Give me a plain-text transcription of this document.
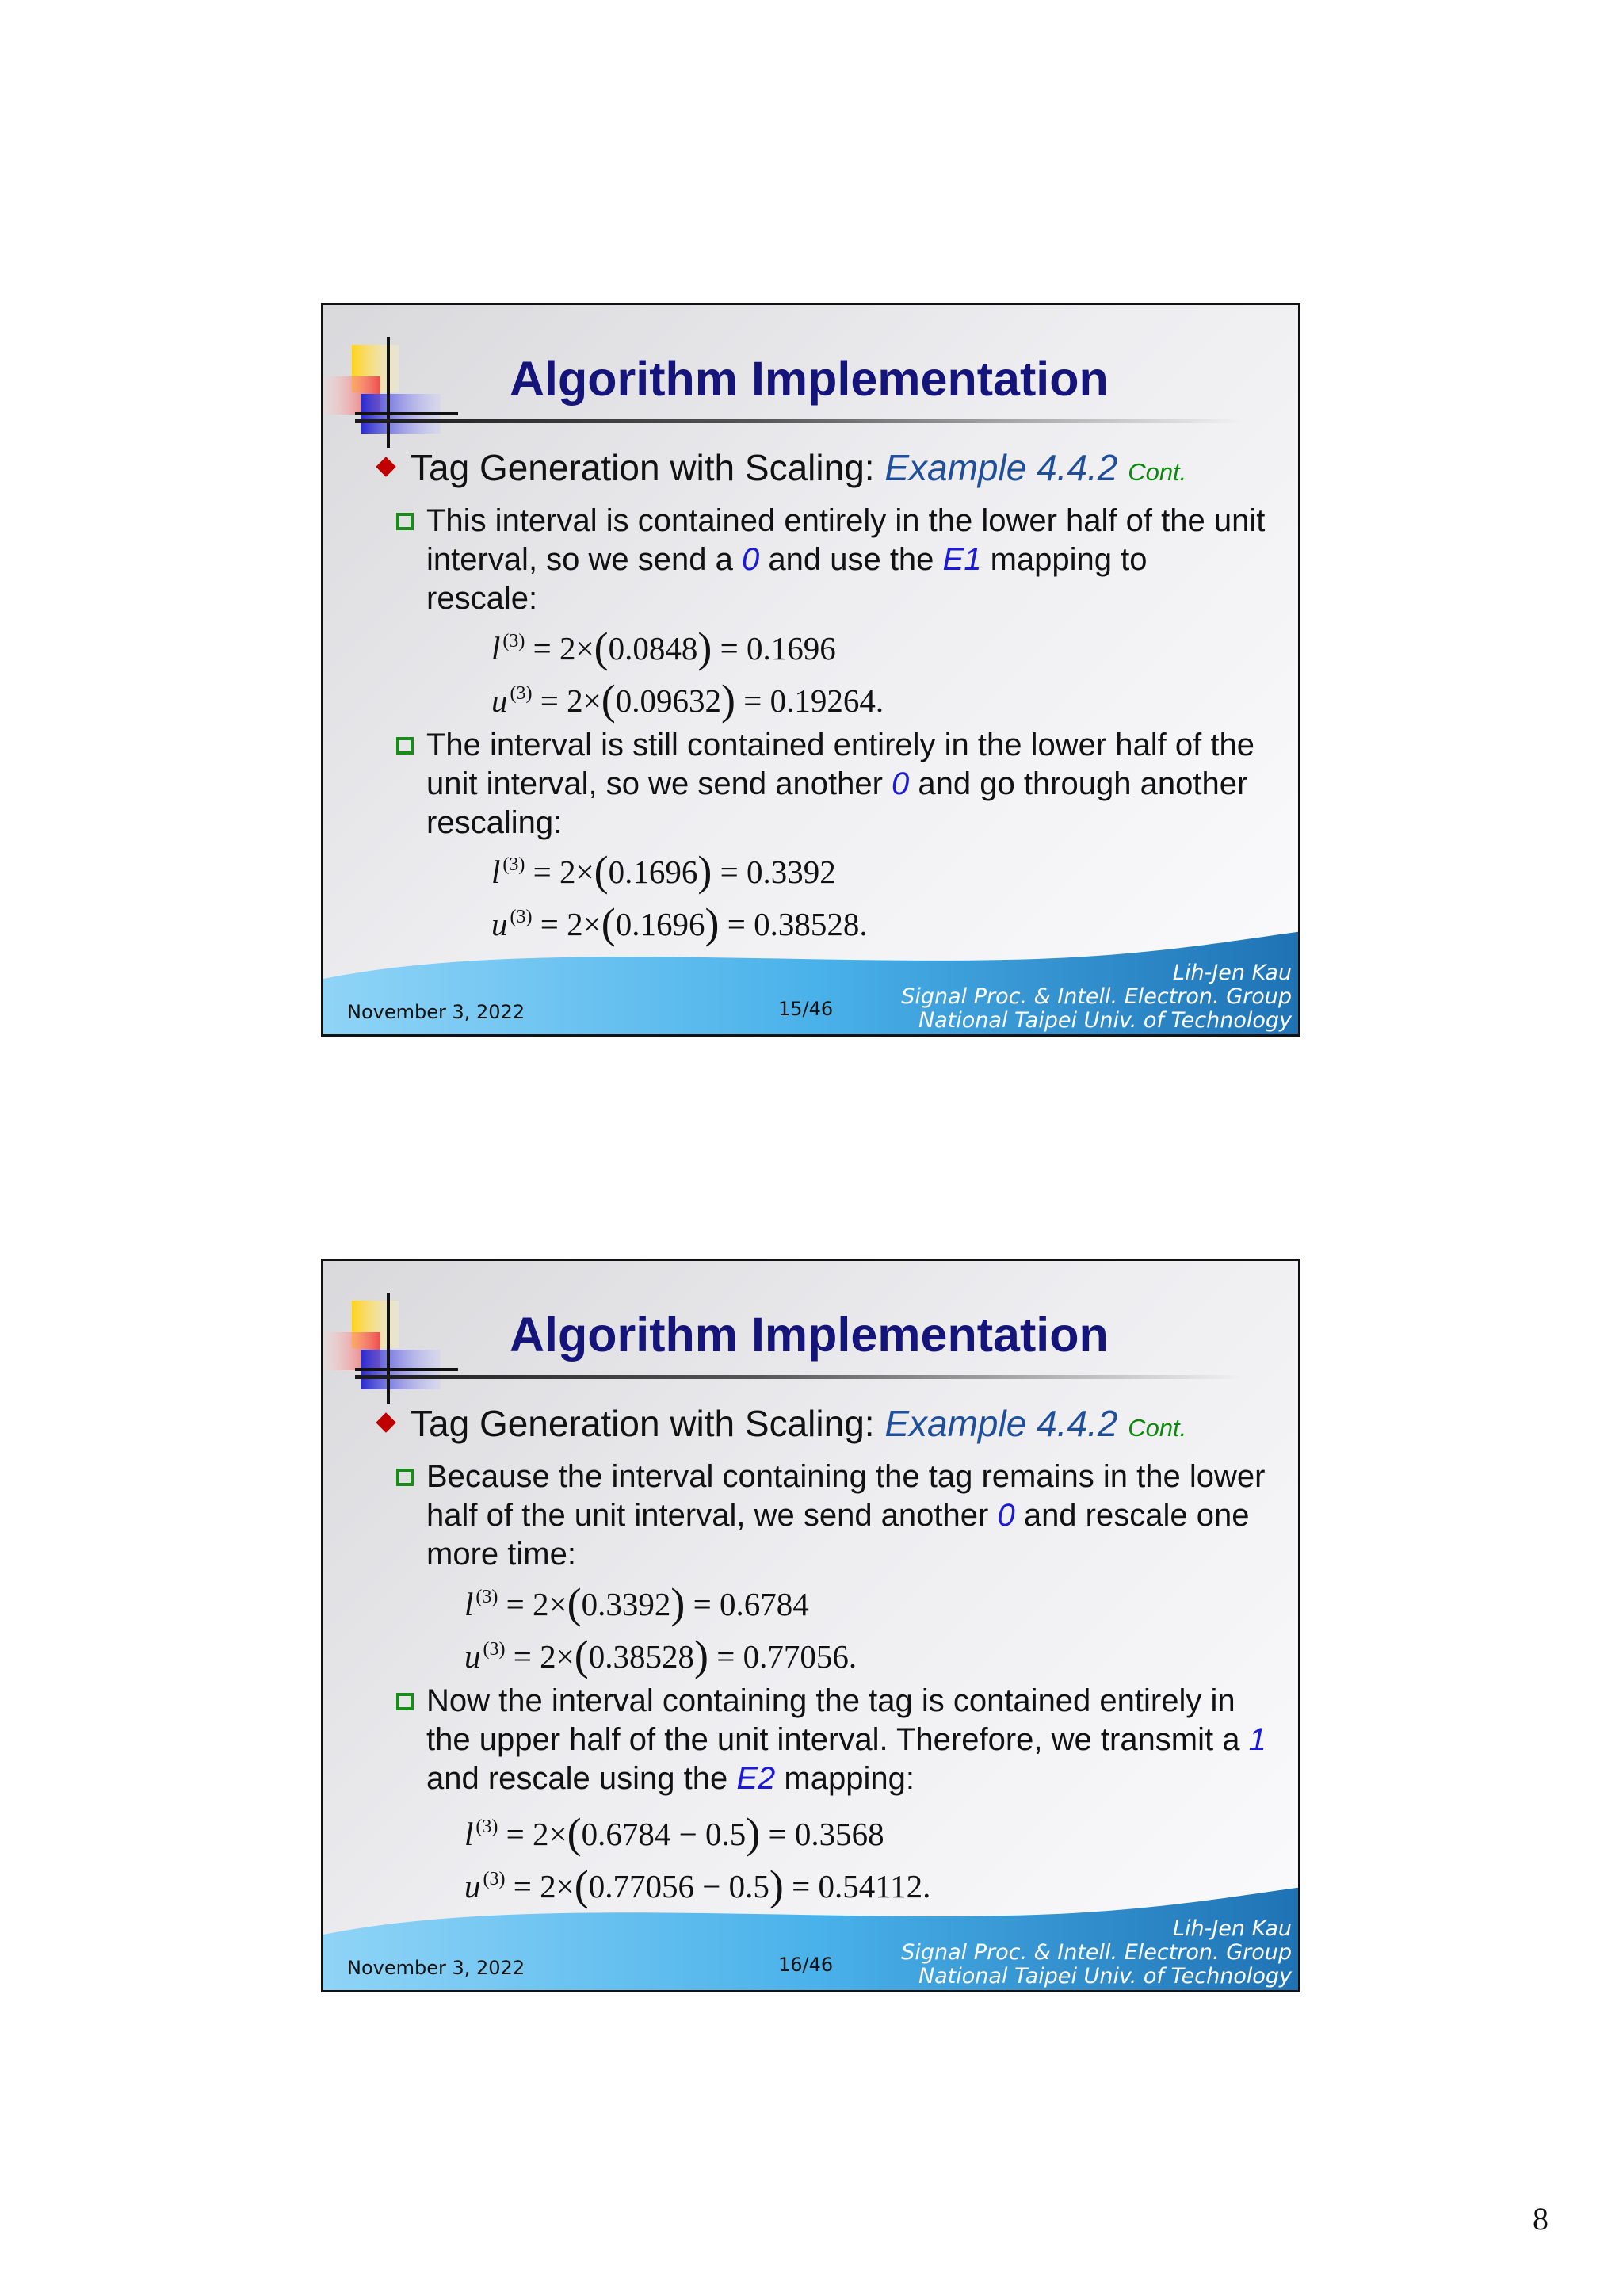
Algorithm Implementation
Tag Generation with Scaling: Example 4.4.2 Cont.
This interval is contained entirely in the lower half of the unit interval, so we send a 0 and use the E1 mapping to rescale:
l $^{(3)}$ = 2×(0.0848) = 0.1696
u $^{(3)}$ = 2×(0.09632) = 0.19264.
The interval is still contained entirely in the lower half of the unit interval, so we send another 0 and go through another rescaling:
l $^{(3)}$ = 2×(0.1696) = 0.3392
u $^{(3)}$ = 2×(0.1696) = 0.38528.
November 3, 2022	15/46
Lih-Jen Kau
Signal Proc. & Intell. Electron. Group
National Taipei Univ. of Technology
Algorithm Implementation
Tag Generation with Scaling: Example 4.4.2 Cont.
Because the interval containing the tag remains in the lower half of the unit interval, we send another 0 and rescale one more time:
l $^{(3)}$ = 2×(0.3392) = 0.6784
u $^{(3)}$ = 2×(0.38528) = 0.77056.
Now the interval containing the tag is contained entirely in the upper half of the unit interval. Therefore, we transmit a 1 and rescale using the E2 mapping:
l $^{(3)}$ = 2×(0.6784 − 0.5) = 0.3568
u $^{(3)}$ = 2×(0.77056 − 0.5) = 0.54112.
November 3, 2022	16/46
Lih-Jen Kau
Signal Proc. & Intell. Electron. Group
National Taipei Univ. of Technology
8
